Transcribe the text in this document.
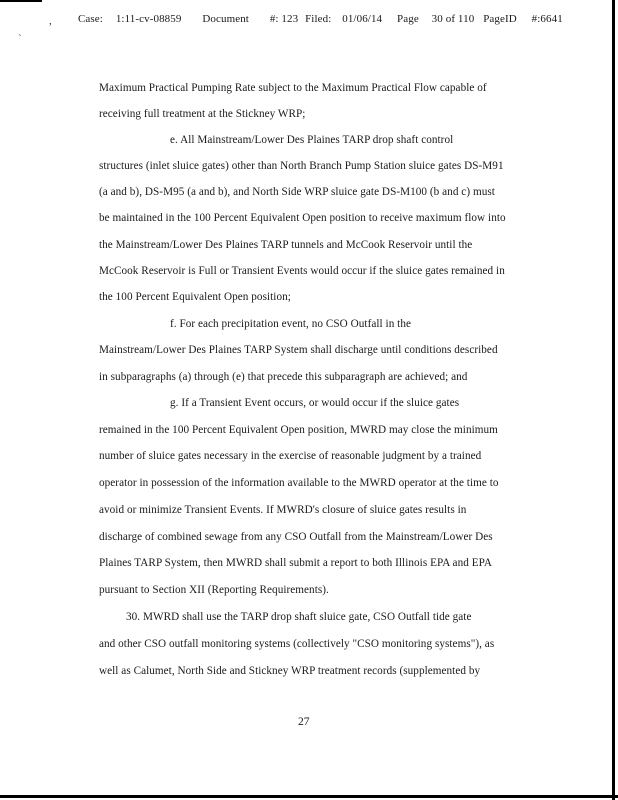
,
`
Case: 1:11-cv-08859 Document #: 123 Filed: 01/06/14 Page 30 of 110 PageID #:6641
Maximum Practical Pumping Rate subject to the Maximum Practical Flow capable of
receiving full treatment at the Stickney WRP;
e. All Mainstream/Lower Des Plaines TARP drop shaft control
structures (inlet sluice gates) other than North Branch Pump Station sluice gates DS-M91
(a and b), DS-M95 (a and b), and North Side WRP sluice gate DS-M100 (b and c) must
be maintained in the 100 Percent Equivalent Open position to receive maximum flow into
the Mainstream/Lower Des Plaines TARP tunnels and McCook Reservoir until the
McCook Reservoir is Full or Transient Events would occur if the sluice gates remained in
the 100 Percent Equivalent Open position;
f. For each precipitation event, no CSO Outfall in the
Mainstream/Lower Des Plaines TARP System shall discharge until conditions described
in subparagraphs (a) through (e) that precede this subparagraph are achieved; and
g. If a Transient Event occurs, or would occur if the sluice gates
remained in the 100 Percent Equivalent Open position, MWRD may close the minimum
number of sluice gates necessary in the exercise of reasonable judgment by a trained
operator in possession of the information available to the MWRD operator at the time to
avoid or minimize Transient Events. If MWRD's closure of sluice gates results in
discharge of combined sewage from any CSO Outfall from the Mainstream/Lower Des
Plaines TARP System, then MWRD shall submit a report to both Illinois EPA and EPA
pursuant to Section XII (Reporting Requirements).
30. MWRD shall use the TARP drop shaft sluice gate, CSO Outfall tide gate
and other CSO outfall monitoring systems (collectively "CSO monitoring systems"), as
well as Calumet, North Side and Stickney WRP treatment records (supplemented by
27
